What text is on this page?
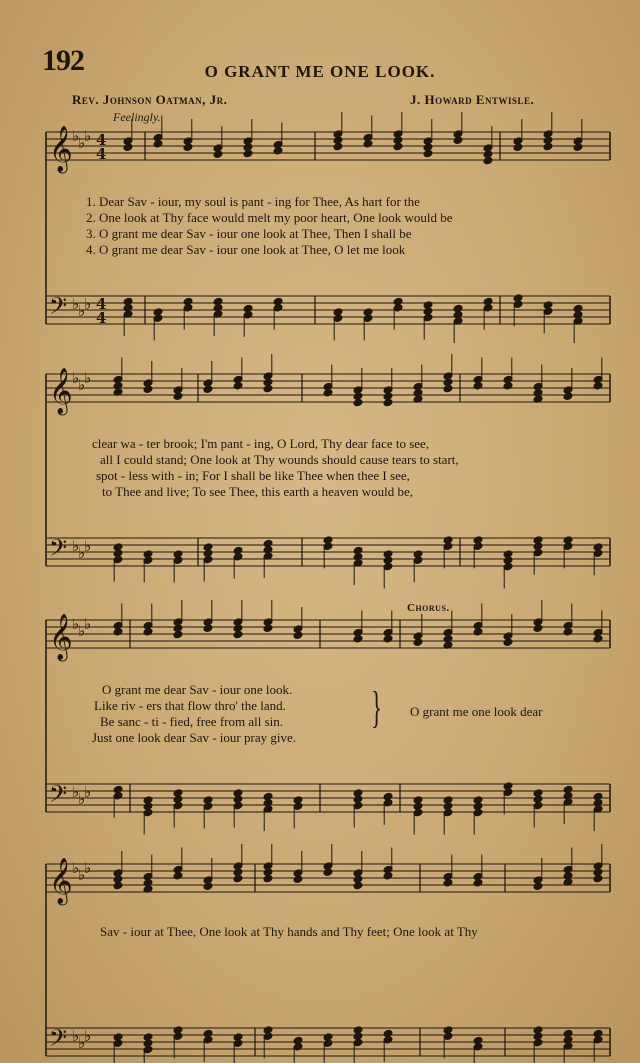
192	O GRANT ME ONE LOOK.
Rev. Johnson Oatman, Jr.	J. Howard Entwisle.
Feelingly.
𝄞
𝄢
♭
♭
♭
♭
♭
♭
4
4
4
4
𝄞
𝄢
♭
♭
♭
♭
♭
♭
𝄞
𝄢
♭
♭
♭
♭
♭
♭
𝄞
𝄢
♭
♭
♭
♭
♭
♭
1. Dear Sav - iour, my soul is pant - ing for Thee, As hart for the
2. One look at Thy face would melt my poor heart, One look would be
3. O grant me dear Sav - iour one look at Thee, Then I shall be
4. O grant me dear Sav - iour one look at Thee, O let me look
clear wa - ter brook; I'm pant - ing, O Lord, Thy dear face to see,
all I could stand; One look at Thy wounds should cause tears to start,
spot - less with - in; For I shall be like Thee when thee I see,
to Thee and live; To see Thee, this earth a heaven would be,
Chorus.
O grant me dear Sav - iour one look.
Like riv - ers that flow thro' the land.
Be sanc - ti - fied, free from all sin.
Just one look dear Sav - iour pray give.
} O grant me one look dear
Sav - iour at Thee, One look at Thy hands and Thy feet; One look at Thy
